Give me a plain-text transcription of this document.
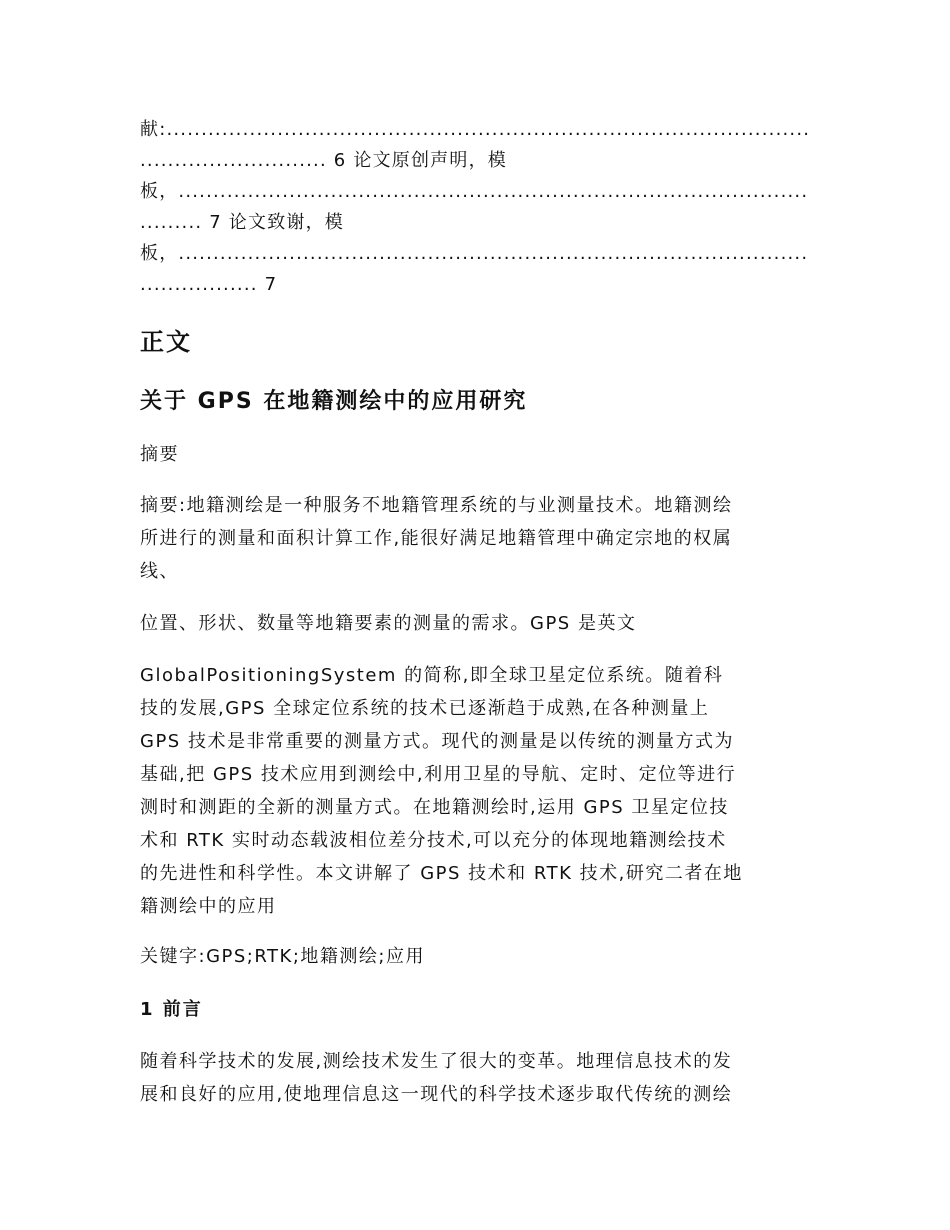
献:.............................................................................................

........................... 6 论文原创声明，模

板，...........................................................................................

......... 7 论文致谢，模

板，...........................................................................................

................. 7

正文
关于 GPS 在地籍测绘中的应用研究

摘要

摘要:地籍测绘是一种服务不地籍管理系统的与业测量技术。地籍测绘

所进行的测量和面积计算工作,能很好满足地籍管理中确定宗地的权属

线、

位置、形状、数量等地籍要素的测量的需求。GPS 是英文

GlobalPositioningSystem 的简称,即全球卫星定位系统。随着科

技的发展,GPS 全球定位系统的技术已逐渐趋于成熟,在各种测量上

GPS 技术是非常重要的测量方式。现代的测量是以传统的测量方式为

基础,把 GPS 技术应用到测绘中,利用卫星的导航、定时、定位等进行

测时和测距的全新的测量方式。在地籍测绘时,运用 GPS 卫星定位技

术和 RTK 实时动态载波相位差分技术,可以充分的体现地籍测绘技术

的先进性和科学性。本文讲解了 GPS 技术和 RTK 技术,研究二者在地

籍测绘中的应用

关键字:GPS;RTK;地籍测绘;应用

1 前言

随着科学技术的发展,测绘技术发生了很大的变革。地理信息技术的发

展和良好的应用,使地理信息这一现代的科学技术逐步取代传统的测绘
